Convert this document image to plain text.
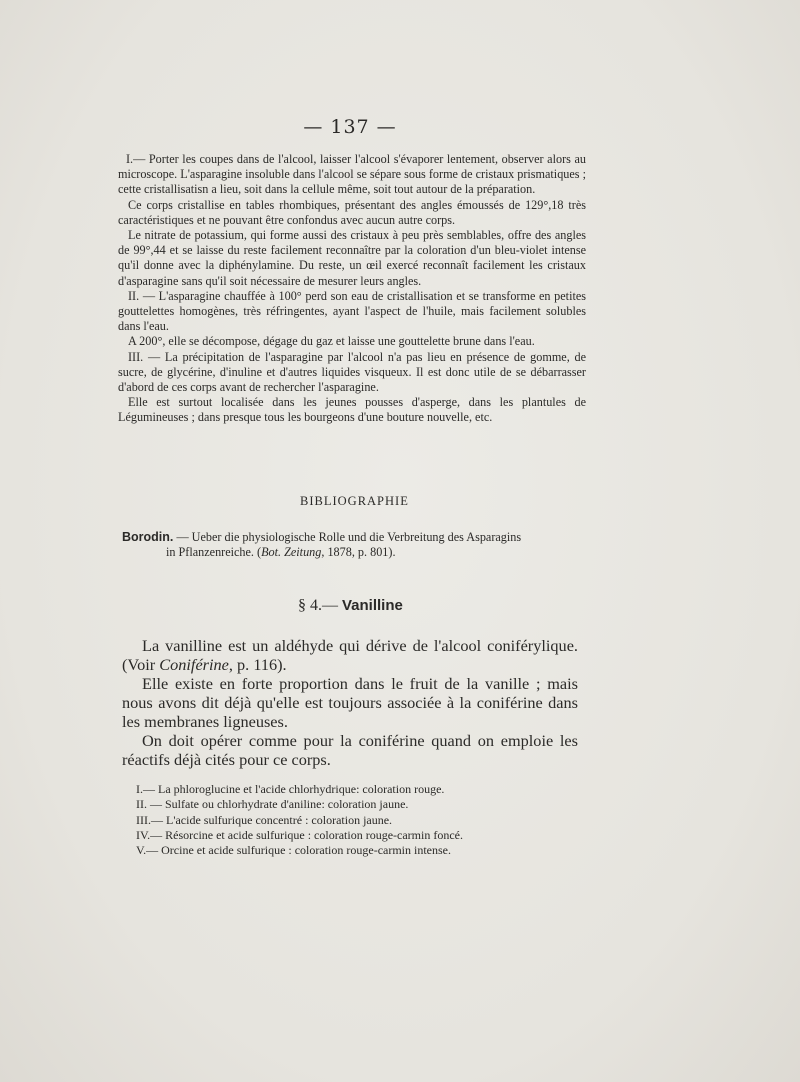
— 137 —

I.— Porter les coupes dans de l'alcool, laisser l'alcool s'évaporer lentement, observer alors au microscope. L'asparagine insoluble dans l'alcool se sépare sous forme de cristaux prismatiques ; cette cristallisatisn a lieu, soit dans la cellule même, soit tout autour de la préparation.

Ce corps cristallise en tables rhombiques, présentant des angles émoussés de 129°,18 très caractéristiques et ne pouvant être confondus avec aucun autre corps.

Le nitrate de potassium, qui forme aussi des cristaux à peu près semblables, offre des angles de 99°,44 et se laisse du reste facilement reconnaître par la coloration d'un bleu-violet intense qu'il donne avec la diphénylamine. Du reste, un œil exercé reconnaît facilement les cristaux d'asparagine sans qu'il soit nécessaire de mesurer leurs angles.

II. — L'asparagine chauffée à 100° perd son eau de cristallisation et se transforme en petites gouttelettes homogènes, très réfringentes, ayant l'aspect de l'huile, mais facilement solubles dans l'eau.

A 200°, elle se décompose, dégage du gaz et laisse une gouttelette brune dans l'eau.

III. — La précipitation de l'asparagine par l'alcool n'a pas lieu en présence de gomme, de sucre, de glycérine, d'inuline et d'autres liquides visqueux. Il est donc utile de se débarrasser d'abord de ces corps avant de rechercher l'asparagine.

Elle est surtout localisée dans les jeunes pousses d'asperge, dans les plantules de Légumineuses ; dans presque tous les bourgeons d'une bouture nouvelle, etc.

BIBLIOGRAPHIE
Borodin. — Ueber die physiologische Rolle und die Verbreitung des Asparagins
in Pflanzenreiche. (Bot. Zeitung, 1878, p. 801).
§ 4.— Vanilline

La vanilline est un aldéhyde qui dérive de l'alcool coniférylique. (Voir Coniférine, p. 116).

Elle existe en forte proportion dans le fruit de la vanille ; mais nous avons dit déjà qu'elle est toujours associée à la coniférine dans les membranes ligneuses.

On doit opérer comme pour la coniférine quand on emploie les réactifs déjà cités pour ce corps.

I.— La phloroglucine et l'acide chlorhydrique: coloration rouge.
II. — Sulfate ou chlorhydrate d'aniline: coloration jaune.
III.— L'acide sulfurique concentré : coloration jaune.
IV.— Résorcine et acide sulfurique : coloration rouge-carmin foncé.
V.— Orcine et acide sulfurique : coloration rouge-carmin intense.
